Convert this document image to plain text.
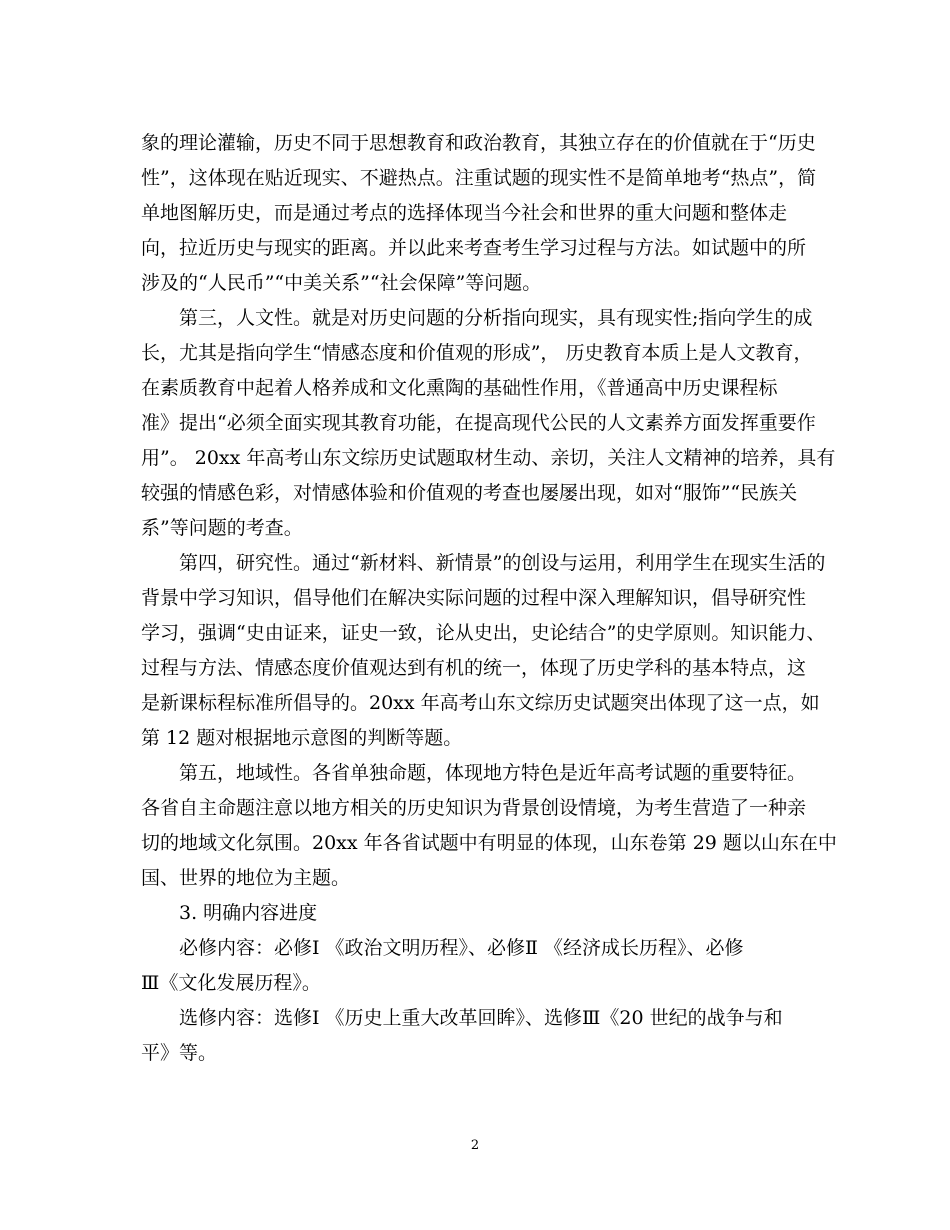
象的理论灌输，历史不同于思想教育和政治教育，其独立存在的价值就在于“历史
性”，这体现在贴近现实、不避热点。注重试题的现实性不是简单地考“热点”，简
单地图解历史，而是通过考点的选择体现当今社会和世界的重大问题和整体走
向，拉近历史与现实的距离。并以此来考查考生学习过程与方法。如试题中的所
涉及的“人民币”“中美关系”“社会保障”等问题。
第三，人文性。就是对历史问题的分析指向现实，具有现实性;指向学生的成
长，尤其是指向学生“情感态度和价值观的形成”， 历史教育本质上是人文教育，
在素质教育中起着人格养成和文化熏陶的基础性作用，《普通高中历史课程标
准》提出“必须全面实现其教育功能，在提高现代公民的人文素养方面发挥重要作
用”。 20xx 年高考山东文综历史试题取材生动、亲切，关注人文精神的培养，具有
较强的情感色彩，对情感体验和价值观的考查也屡屡出现，如对“服饰”“民族关
系”等问题的考查。
第四，研究性。通过“新材料、新情景”的创设与运用，利用学生在现实生活的
背景中学习知识，倡导他们在解决实际问题的过程中深入理解知识，倡导研究性
学习，强调“史由证来，证史一致，论从史出，史论结合”的史学原则。知识能力、
过程与方法、情感态度价值观达到有机的统一，体现了历史学科的基本特点，这
是新课标程标准所倡导的。20xx 年高考山东文综历史试题突出体现了这一点，如
第 12 题对根据地示意图的判断等题。
第五，地域性。各省单独命题，体现地方特色是近年高考试题的重要特征。
各省自主命题注意以地方相关的历史知识为背景创设情境，为考生营造了一种亲
切的地域文化氛围。20xx 年各省试题中有明显的体现，山东卷第 29 题以山东在中
国、世界的地位为主题。
3. 明确内容进度
必修内容：必修Ⅰ 《政治文明历程》、必修Ⅱ 《经济成长历程》、必修
Ⅲ《文化发展历程》。
选修内容：选修Ⅰ 《历史上重大改革回眸》、选修Ⅲ《20 世纪的战争与和
平》等。
2
